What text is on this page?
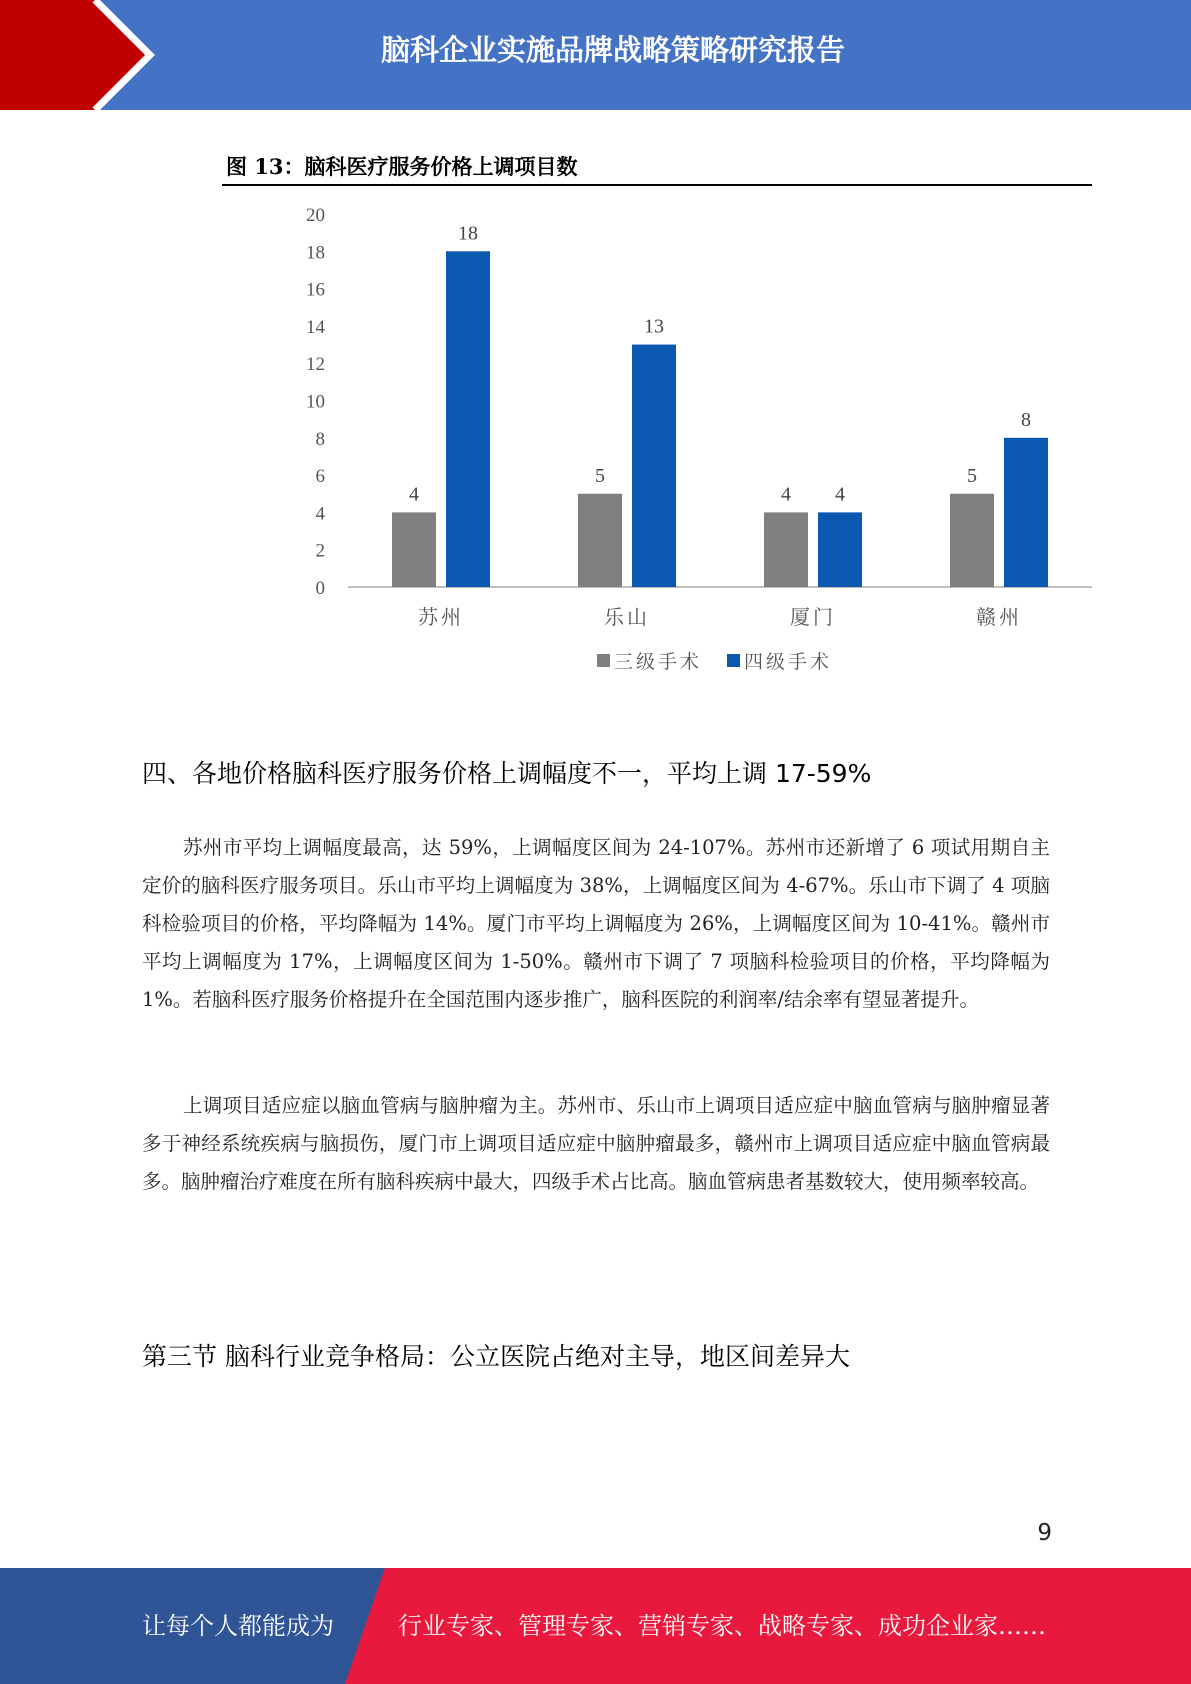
脑科企业实施品牌战略策略研究报告
图 13：脑科医疗服务价格上调项目数
0
2
4
6
8
10
12
14
16
18
20
4
18
苏州
5
13
乐山
4 4
厦门
5
8
赣州
三级手术 四级手术
四、各地价格脑科医疗服务价格上调幅度不一，平均上调 17-59%

苏州市平均上调幅度最高，达 59%，上调幅度区间为 24-107%。苏州市还新增了 6 项试用期自主定价的脑科医疗服务项目。乐山市平均上调幅度为 38%，上调幅度区间为 4-67%。乐山市下调了 4 项脑科检验项目的价格，平均降幅为 14%。厦门市平均上调幅度为 26%，上调幅度区间为 10-41%。赣州市平均上调幅度为 17%，上调幅度区间为 1-50%。赣州市下调了 7 项脑科检验项目的价格，平均降幅为 1%。若脑科医疗服务价格提升在全国范围内逐步推广，脑科医院的利润率/结余率有望显著提升。

上调项目适应症以脑血管病与脑肿瘤为主。苏州市、乐山市上调项目适应症中脑血管病与脑肿瘤显著多于神经系统疾病与脑损伤，厦门市上调项目适应症中脑肿瘤最多，赣州市上调项目适应症中脑血管病最多。脑肿瘤治疗难度在所有脑科疾病中最大，四级手术占比高。脑血管病患者基数较大，使用频率较高。

第三节 脑科行业竞争格局：公立医院占绝对主导，地区间差异大
9
让每个人都能成为	行业专家、管理专家、营销专家、战略专家、成功企业家……
